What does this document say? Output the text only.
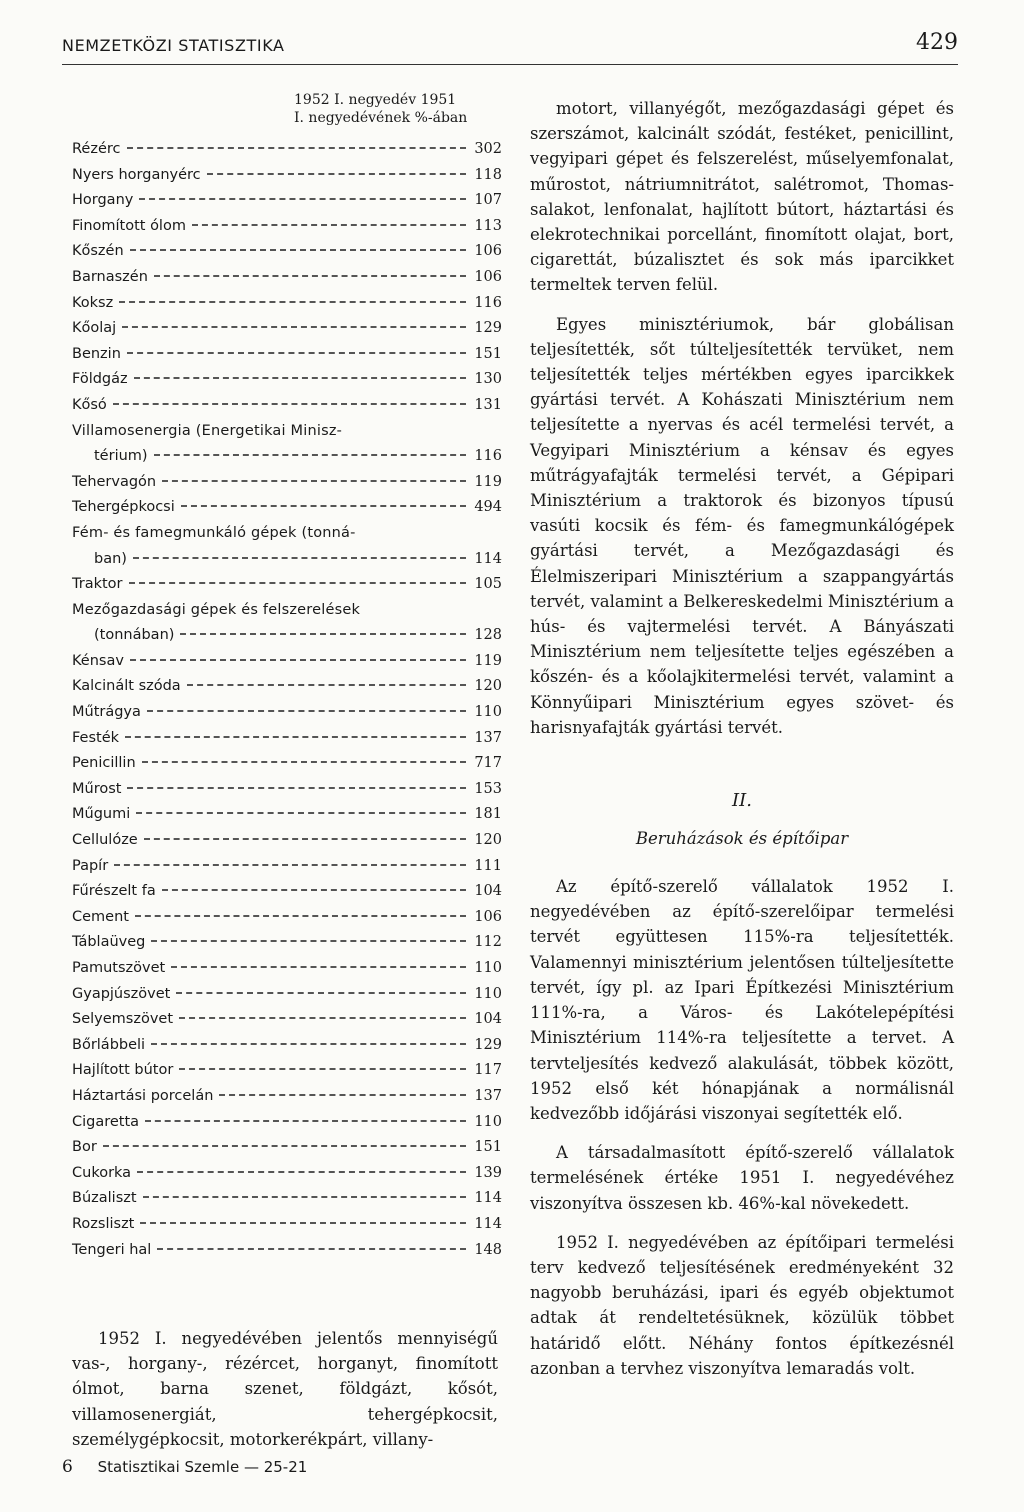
NEMZETKÖZI STATISZTIKA	429
1952 I. negyedév 1951
I. negyedévének %-ában
Rézérc	302
Nyers horganyérc	118
Horgany	107
Finomított ólom	113
Kőszén	106
Barnaszén	106
Koksz	116
Kőolaj	129
Benzin	151
Földgáz	130
Kősó	131
Villamosenergia (Energetikai Minisz-
térium)	116
Tehervagón	119
Tehergépkocsi	494
Fém- és famegmunkáló gépek (tonná-
ban)	114
Traktor	105
Mezőgazdasági gépek és felszerelések
(tonnában)	128
Kénsav	119
Kalcinált szóda	120
Műtrágya	110
Festék	137
Penicillin	717
Műrost	153
Műgumi	181
Cellulóze	120
Papír	111
Fűrészelt fa	104
Cement	106
Táblaüveg	112
Pamutszövet	110
Gyapjúszövet	110
Selyemszövet	104
Bőrlábbeli	129
Hajlított bútor	117
Háztartási porcelán	137
Cigaretta	110
Bor	151
Cukorka	139
Búzaliszt	114
Rozsliszt	114
Tengeri hal	148

1952 I. negyedévében jelentős mennyiségű vas-, horgany-, rézércet, horganyt, finomított ólmot, barna szenet, földgázt, kősót, villamosenergiát, tehergépkocsit, személygépkocsit, motorkerékpárt, villany-

6 Statisztikai Szemle — 25-21

motort, villanyégőt, mezőgazdasági gépet és szerszámot, kalcinált szódát, festéket, penicillint, vegyipari gépet és felszerelést, műselyemfonalat, műrostot, nátriumnitrátot, salétromot, Thomas-salakot, lenfonalat, hajlított bútort, háztartási és elekrotechnikai porcellánt, finomított olajat, bort, cigarettát, búzalisztet és sok más iparcikket termeltek terven felül.

Egyes minisztériumok, bár globálisan teljesítették, sőt túlteljesítették tervüket, nem teljesítették teljes mértékben egyes iparcikkek gyártási tervét. A Kohászati Minisztérium nem teljesítette a nyervas és acél termelési tervét, a Vegyipari Minisztérium a kénsav és egyes műtrágyafajták termelési tervét, a Gépipari Minisztérium a traktorok és bizonyos típusú vasúti kocsik és fém- és famegmunkálógépek gyártási tervét, a Mezőgazdasági és Élelmiszeripari Minisztérium a szappangyártás tervét, valamint a Belkereskedelmi Minisztérium a hús- és vajtermelési tervét. A Bányászati Minisztérium nem teljesítette teljes egészében a kőszén- és a kőolajkitermelési tervét, valamint a Könnyűipari Minisztérium egyes szövet- és harisnyafajták gyártási tervét.

II.
Beruházások és építőipar

Az építő-szerelő vállalatok 1952 I. negyedévében az építő-szerelőipar termelési tervét együttesen 115%-ra teljesítették. Valamennyi minisztérium jelentősen túlteljesítette tervét, így pl. az Ipari Építkezési Minisztérium 111%-ra, a Város- és Lakótelepépítési Minisztérium 114%-ra teljesítette a tervet. A tervteljesítés kedvező alakulását, többek között, 1952 első két hónapjának a normálisnál kedvezőbb időjárási viszonyai segítették elő.

A társadalmasított építő-szerelő vállalatok termelésének értéke 1951 I. negyedévéhez viszonyítva összesen kb. 46%-kal növekedett.

1952 I. negyedévében az építőipari termelési terv kedvező teljesítésének eredményeként 32 nagyobb beruházási, ipari és egyéb objektumot adtak át rendeltetésüknek, közülük többet határidő előtt. Néhány fontos építkezésnél azonban a tervhez viszonyítva lemaradás volt.
